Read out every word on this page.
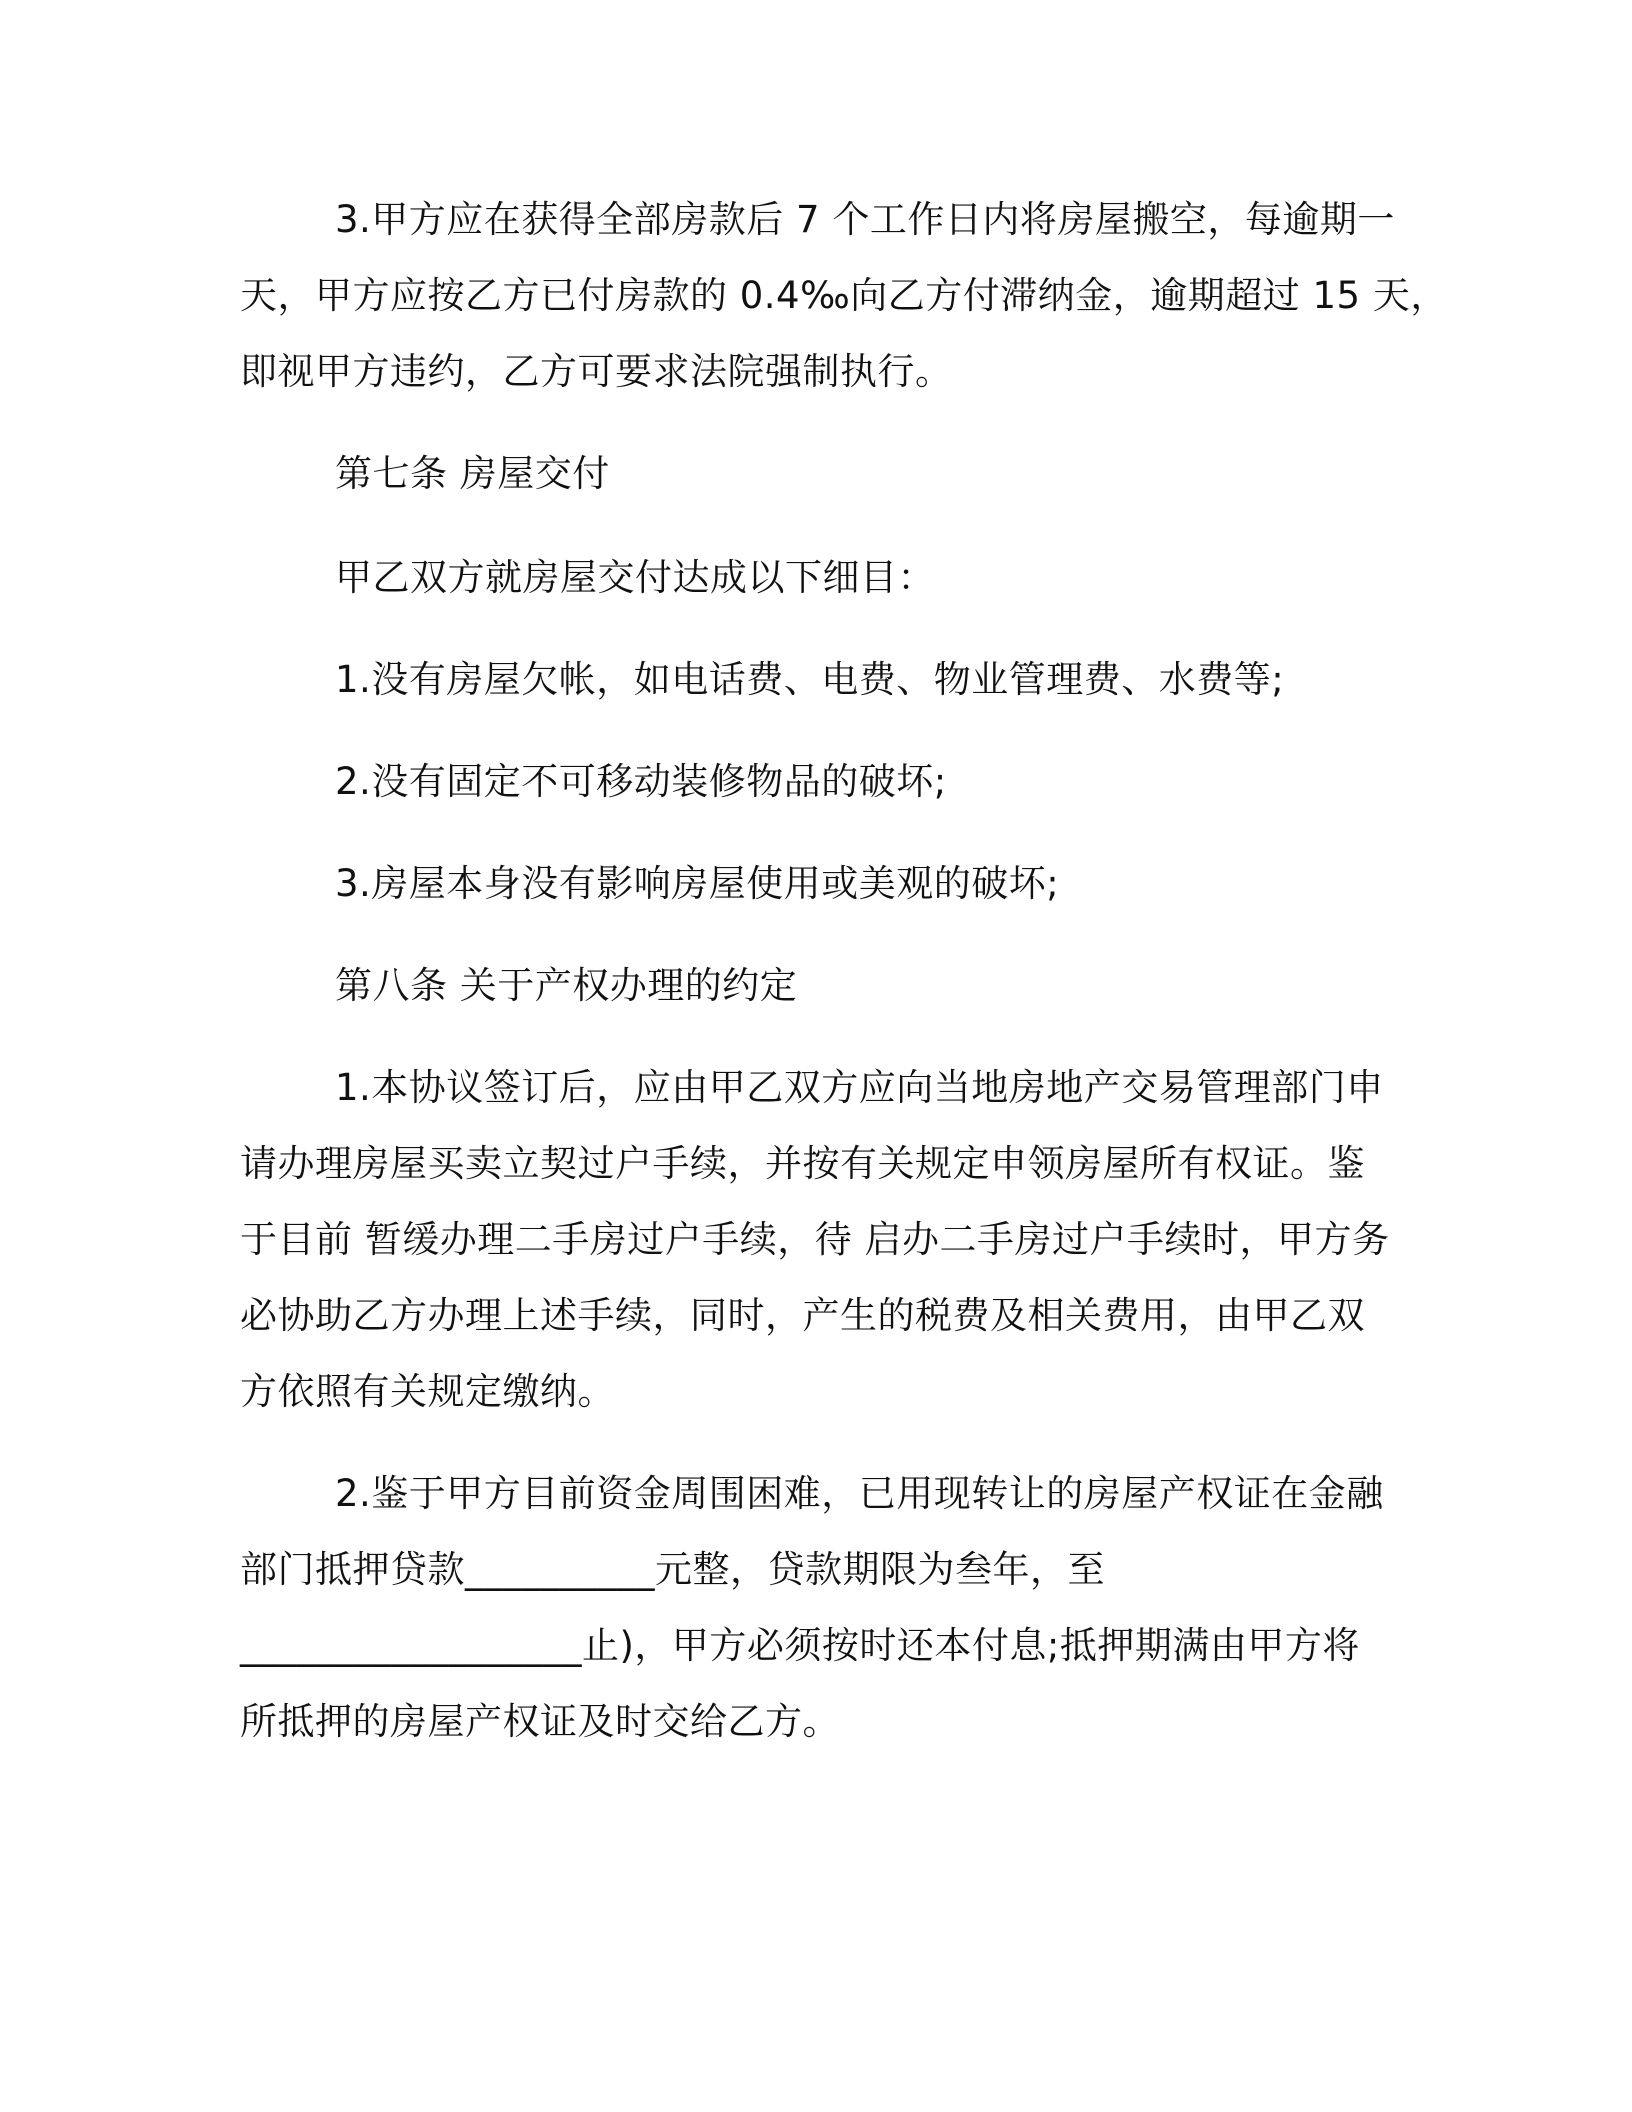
3.甲方应在获得全部房款后 7 个工作日内将房屋搬空，每逾期一
天，甲方应按乙方已付房款的 0.4‰向乙方付滞纳金，逾期超过 15 天，
即视甲方违约，乙方可要求法院强制执行。
第七条 房屋交付
甲乙双方就房屋交付达成以下细目：
1.没有房屋欠帐，如电话费、电费、物业管理费、水费等;
2.没有固定不可移动装修物品的破坏;
3.房屋本身没有影响房屋使用或美观的破坏;
第八条 关于产权办理的约定
1.本协议签订后，应由甲乙双方应向当地房地产交易管理部门申
请办理房屋买卖立契过户手续，并按有关规定申领房屋所有权证。鉴
于目前 暂缓办理二手房过户手续，待 启办二手房过户手续时，甲方务
必协助乙方办理上述手续，同时，产生的税费及相关费用，由甲乙双
方依照有关规定缴纳。
2.鉴于甲方目前资金周围困难，已用现转让的房屋产权证在金融
部门抵押贷款__________元整，贷款期限为叁年，至
__________________止)，甲方必须按时还本付息;抵押期满由甲方将
所抵押的房屋产权证及时交给乙方。
